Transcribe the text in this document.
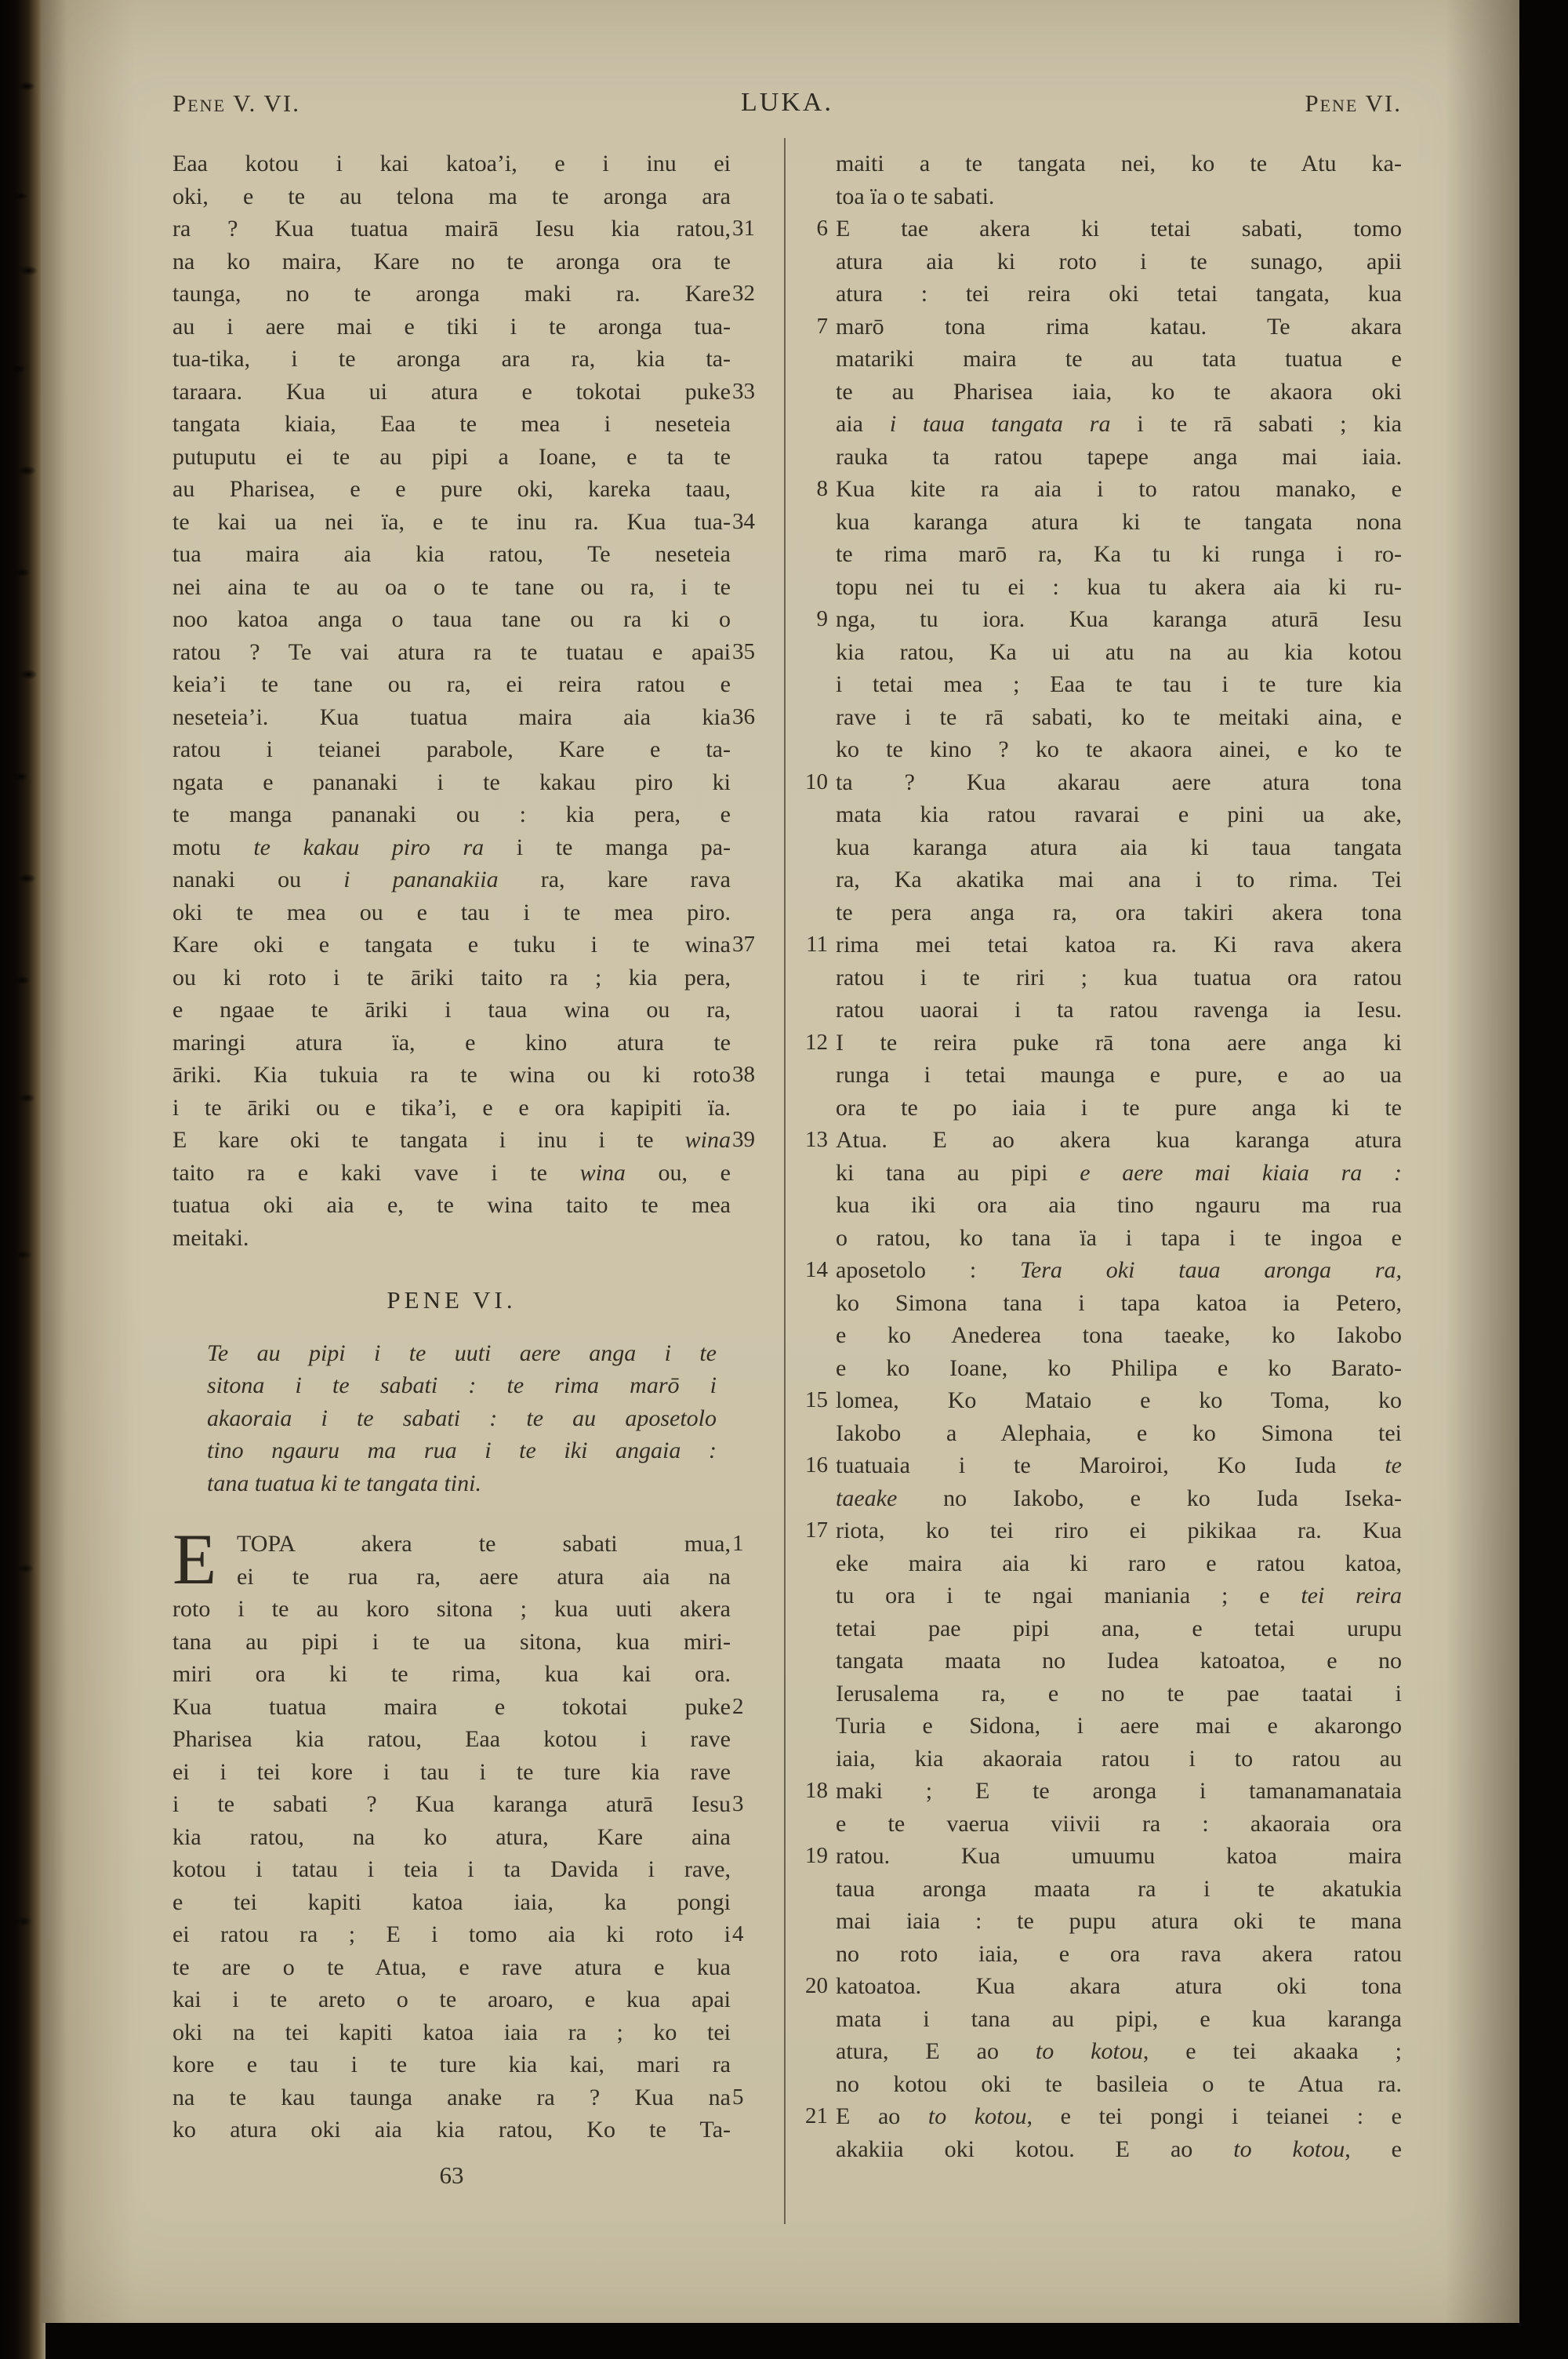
Pene V. VI.	LUKA.	Pene VI.
Eaa kotou i kai katoa’i, e i inu ei
oki, e te au telona ma te aronga ara
ra ? Kua tuatua mairā Iesu kia ratou, 31
na ko maira, Kare no te aronga ora te
taunga, no te aronga maki ra. Kare 32
au i aere mai e tiki i te aronga tua-
tua-tika, i te aronga ara ra, kia ta-
taraara. Kua ui atura e tokotai puke 33
tangata kiaia, Eaa te mea i neseteia
putuputu ei te au pipi a Ioane, e ta te
au Pharisea, e e pure oki, kareka taau,
te kai ua nei ïa, e te inu ra. Kua tua- 34
tua maira aia kia ratou, Te neseteia
nei aina te au oa o te tane ou ra, i te
noo katoa anga o taua tane ou ra ki o
ratou ? Te vai atura ra te tuatau e apai 35
keia’i te tane ou ra, ei reira ratou e
neseteia’i. Kua tuatua maira aia kia 36
ratou i teianei parabole, Kare e ta-
ngata e pananaki i te kakau piro ki
te manga pananaki ou : kia pera, e
motu te kakau piro ra i te manga pa-
nanaki ou i pananakiia ra, kare rava
oki te mea ou e tau i te mea piro.
Kare oki e tangata e tuku i te wina 37
ou ki roto i te āriki taito ra ; kia pera,
e ngaae te āriki i taua wina ou ra,
maringi atura ïa, e kino atura te
āriki. Kia tukuia ra te wina ou ki roto 38
i te āriki ou e tika’i, e e ora kapipiti ïa.
E kare oki te tangata i inu i te wina 39
taito ra e kaki vave i te wina ou, e
tuatua oki aia e, te wina taito te mea
meitaki.
PENE VI.
Te au pipi i te uuti aere anga i te
sitona i te sabati : te rima marō i
akaoraia i te sabati : te au aposetolo
tino ngauru ma rua i te iki angaia :
tana tuatua ki te tangata tini.
E TOPA akera te sabati mua, 1
ei te rua ra, aere atura aia na
roto i te au koro sitona ; kua uuti akera
tana au pipi i te ua sitona, kua miri-
miri ora ki te rima, kua kai ora.
Kua tuatua maira e tokotai puke 2
Pharisea kia ratou, Eaa kotou i rave
ei i tei kore i tau i te ture kia rave
i te sabati ? Kua karanga aturā Iesu 3
kia ratou, na ko atura, Kare aina
kotou i tatau i teia i ta Davida i rave,
e tei kapiti katoa iaia, ka pongi
ei ratou ra ; E i tomo aia ki roto i 4
te are o te Atua, e rave atura e kua
kai i te areto o te aroaro, e kua apai
oki na tei kapiti katoa iaia ra ; ko tei
kore e tau i te ture kia kai, mari ra
na te kau taunga anake ra ? Kua na 5
ko atura oki aia kia ratou, Ko te Ta-
maiti a te tangata nei, ko te Atu ka-
toa ïa o te sabati.
E tae akera ki tetai sabati, tomo
6
atura aia ki roto i te sunago, apii
atura : tei reira oki tetai tangata, kua
marō tona rima katau. Te akara
7
matariki maira te au tata tuatua e
te au Pharisea iaia, ko te akaora oki
aia i taua tangata ra i te rā sabati ; kia
rauka ta ratou tapepe anga mai iaia.
Kua kite ra aia i to ratou manako, e
8
kua karanga atura ki te tangata nona
te rima marō ra, Ka tu ki runga i ro-
topu nei tu ei : kua tu akera aia ki ru-
nga, tu iora. Kua karanga aturā Iesu
9
kia ratou, Ka ui atu na au kia kotou
i tetai mea ; Eaa te tau i te ture kia
rave i te rā sabati, ko te meitaki aina, e
ko te kino ? ko te akaora ainei, e ko te
ta ? Kua akarau aere atura tona
10
mata kia ratou ravarai e pini ua ake,
kua karanga atura aia ki taua tangata
ra, Ka akatika mai ana i to rima. Tei
te pera anga ra, ora takiri akera tona
rima mei tetai katoa ra. Ki rava akera
11
ratou i te riri ; kua tuatua ora ratou
ratou uaorai i ta ratou ravenga ia Iesu.
I te reira puke rā tona aere anga ki
12
runga i tetai maunga e pure, e ao ua
ora te po iaia i te pure anga ki te
Atua. E ao akera kua karanga atura
13
ki tana au pipi e aere mai kiaia ra :
kua iki ora aia tino ngauru ma rua
o ratou, ko tana ïa i tapa i te ingoa e
aposetolo : Tera oki taua aronga ra,
14
ko Simona tana i tapa katoa ia Petero,
e ko Anederea tona taeake, ko Iakobo
e ko Ioane, ko Philipa e ko Barato-
lomea, Ko Mataio e ko Toma, ko
15
Iakobo a Alephaia, e ko Simona tei
tuatuaia i te Maroiroi, Ko Iuda te
16
taeake no Iakobo, e ko Iuda Iseka-
riota, ko tei riro ei pikikaa ra. Kua
17
eke maira aia ki raro e ratou katoa,
tu ora i te ngai maniania ; e tei reira
tetai pae pipi ana, e tetai urupu
tangata maata no Iudea katoatoa, e no
Ierusalema ra, e no te pae taatai i
Turia e Sidona, i aere mai e akarongo
iaia, kia akaoraia ratou i to ratou au
maki ; E te aronga i tamanamanataia
18
e te vaerua viivii ra : akaoraia ora
ratou. Kua umuumu katoa maira
19
taua aronga maata ra i te akatukia
mai iaia : te pupu atura oki te mana
no roto iaia, e ora rava akera ratou
katoatoa. Kua akara atura oki tona
20
mata i tana au pipi, e kua karanga
atura, E ao to kotou, e tei akaaka ;
no kotou oki te basileia o te Atua ra.
E ao to kotou, e tei pongi i teianei : e
21
akakiia oki kotou. E ao to kotou, e
63
